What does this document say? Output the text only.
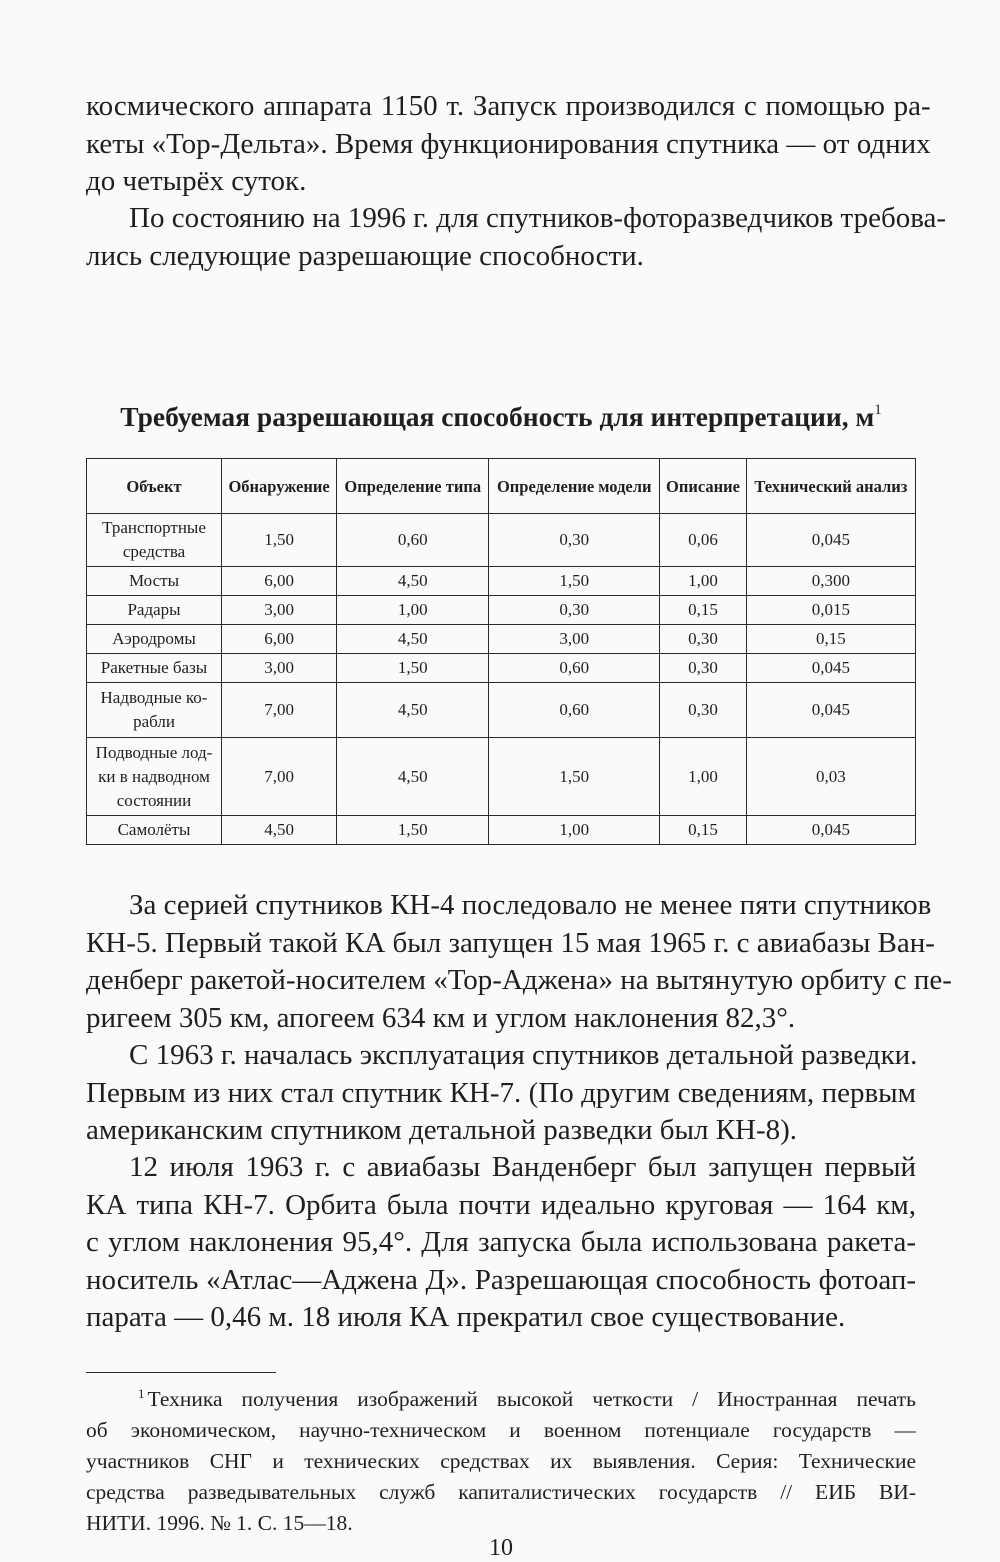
космического аппарата 1150 т. Запуск производился с помощью ра-
кеты «Тор-Дельта». Время функционирования спутника — от одних
до четырёх суток.

По состоянию на 1996 г. для спутников-фоторазведчиков требова-
лись следующие разрешающие способности.

Требуемая разрешающая способность для интерпретации, $м^1$

Объект	Обнаружение	Определение типа	Определение модели	Описание	Технический анализ
Транспортные средства	1,50	0,60	0,30	0,06	0,045
Мосты	6,00	4,50	1,50	1,00	0,300
Радары	3,00	1,00	0,30	0,15	0,015
Аэродромы	6,00	4,50	3,00	0,30	0,15
Ракетные базы	3,00	1,50	0,60	0,30	0,045
Надводные ко-рабли	7,00	4,50	0,60	0,30	0,045
Подводные лод-ки в надводном состоянии	7,00	4,50	1,50	1,00	0,03
Самолёты	4,50	1,50	1,00	0,15	0,045

За серией спутников КН-4 последовало не менее пяти спутников
КН-5. Первый такой КА был запущен 15 мая 1965 г. с авиабазы Ван-
денберг ракетой-носителем «Тор-Аджена» на вытянутую орбиту с пе-
ригеем 305 км, апогеем 634 км и углом наклонения 82,3°.

С 1963 г. началась эксплуатация спутников детальной разведки.
Первым из них стал спутник КН-7. (По другим сведениям, первым
американским спутником детальной разведки был КН-8).

12 июля 1963 г. с авиабазы Ванденберг был запущен первый
КА типа КН-7. Орбита была почти идеально круговая — 164 км,
с углом наклонения 95,4°. Для запуска была использована ракета-
носитель «Атлас—Аджена Д». Разрешающая способность фотоап-
парата — 0,46 м. 18 июля КА прекратил свое существование.

$^1$ Техника получения изображений высокой четкости / Иностранная печать
об экономическом, научно-техническом и военном потенциале государств —
участников СНГ и технических средствах их выявления. Серия: Технические
средства разведывательных служб капиталистических государств // ЕИБ ВИ-
НИТИ. 1996. № 1. С. 15—18.

10
